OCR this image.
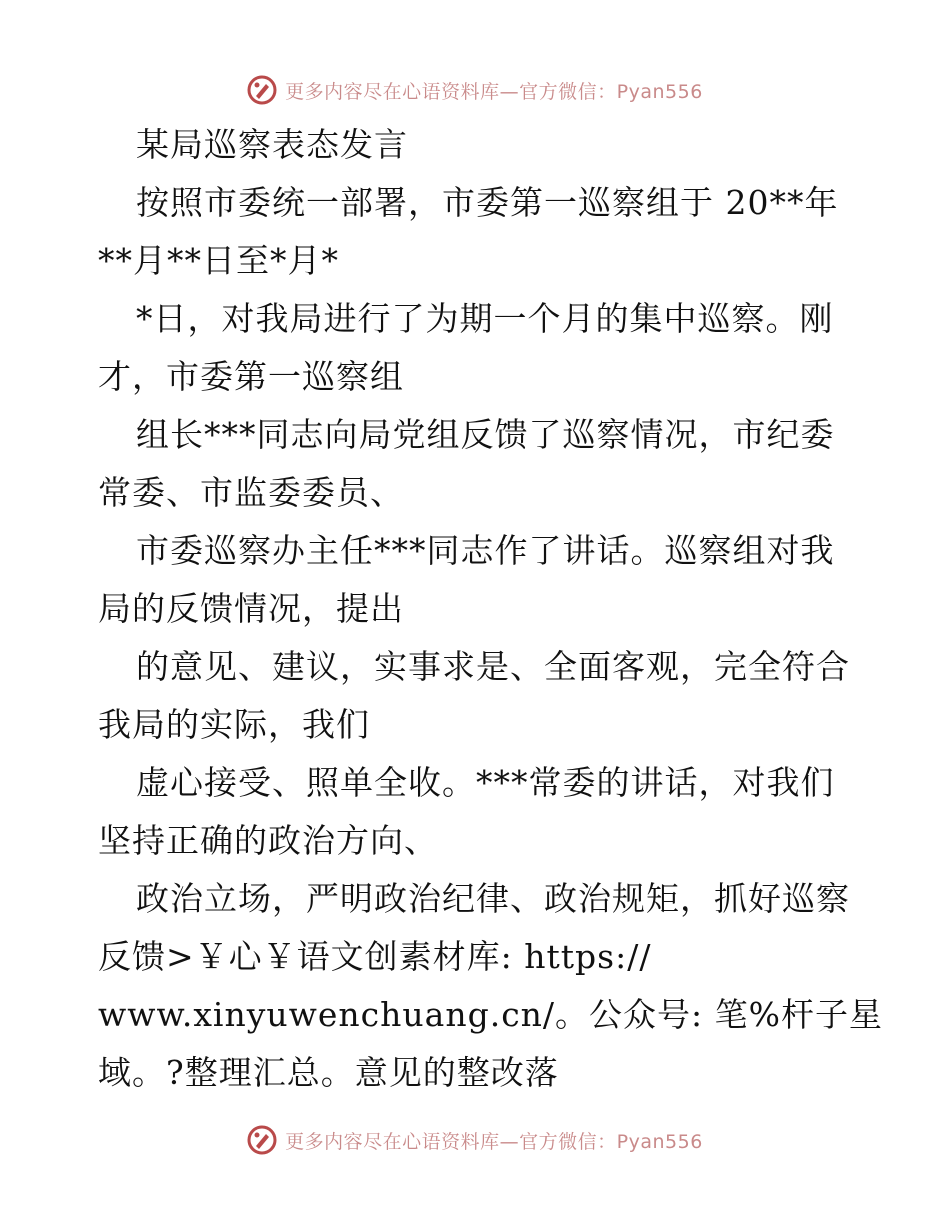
更多内容尽在心语资料库—官方微信：Pyan556
某局巡察表态发言
按照市委统一部署，市委第一巡察组于 20**年
**月**日至*月*
*日，对我局进行了为期一个月的集中巡察。刚
才，市委第一巡察组
组长***同志向局党组反馈了巡察情况，市纪委
常委、市监委委员、
市委巡察办主任***同志作了讲话。巡察组对我
局的反馈情况，提出
的意见、建议，实事求是、全面客观，完全符合
我局的实际，我们
虚心接受、照单全收。***常委的讲话，对我们
坚持正确的政治方向、
政治立场，严明政治纪律、政治规矩，抓好巡察
反馈>￥心￥语文创素材库: https://
www.xinyuwenchuang.cn/。公众号: 笔%杆子星
域。?整理汇总。意见的整改落
更多内容尽在心语资料库—官方微信：Pyan556
